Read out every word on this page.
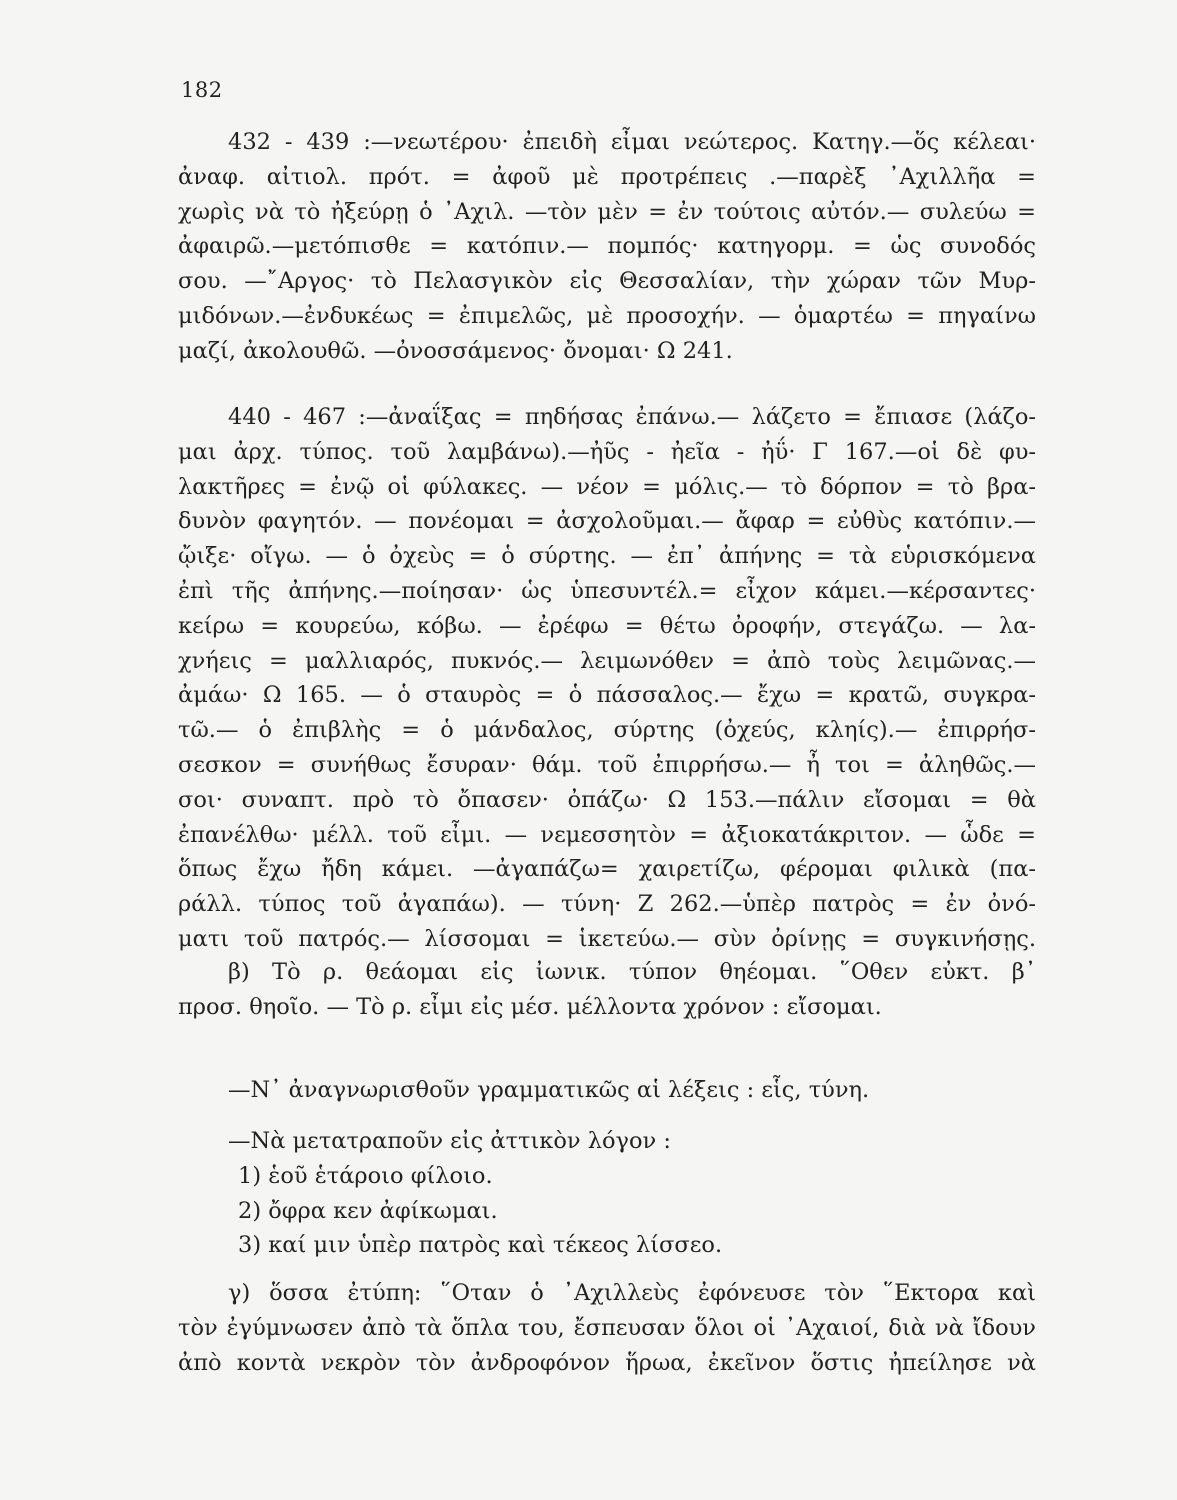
182
432 - 439 :—νεωτέρου· ἐπειδὴ εἶμαι νεώτερος. Κατηγ.—ὅς κέλεαι·
ἀναφ. αἰτιολ. πρότ. = ἀφοῦ μὲ προτρέπεις .—παρὲξ ᾿Αχιλλῆα =
χωρὶς νὰ τὸ ἠξεύρῃ ὁ ᾿Αχιλ. —τὸν μὲν = ἐν τούτοις αὐτόν.— συλεύω =
ἀφαιρῶ.—μετόπισθε = κατόπιν.— πομπός· κατηγορμ. = ὡς συνοδός
σου. —῎Αργος· τὸ Πελασγικὸν εἰς Θεσσαλίαν, τὴν χώραν τῶν Μυρ-
μιδόνων.—ἐνδυκέως = ἐπιμελῶς, μὲ προσοχήν. — ὁμαρτέω = πηγαίνω
μαζί, ἀκολουθῶ. —ὀνοσσάμενος· ὄνομαι· Ω 241.
440 - 467 :—ἀναΐξας = πηδήσας ἐπάνω.— λάζετο = ἔπιασε (λάζο-
μαι ἀρχ. τύπος. τοῦ λαμβάνω).—ἠῦς - ἠεῖα - ἠΰ· Γ 167.—οἱ δὲ φυ-
λακτῆρες = ἐνῷ οἱ φύλακες. — νέον = μόλις.— τὸ δόρπον = τὸ βρα-
δυνὸν φαγητόν. — πονέομαι = ἀσχολοῦμαι.— ἄφαρ = εὐθὺς κατόπιν.—
ᾤιξε· οἴγω. — ὁ ὀχεὺς = ὁ σύρτης. — ἐπ᾿ ἀπήνης = τὰ εὑρισκόμενα
ἐπὶ τῆς ἀπήνης.—ποίησαν· ὡς ὑπεσυντέλ.= εἶχον κάμει.—κέρσαντες·
κείρω = κουρεύω, κόβω. — ἐρέφω = θέτω ὀροφήν, στεγάζω. — λα-
χνήεις = μαλλιαρός, πυκνός.— λειμωνόθεν = ἀπὸ τοὺς λειμῶνας.—
ἀμάω· Ω 165. — ὁ σταυρὸς = ὁ πάσσαλος.— ἔχω = κρατῶ, συγκρα-
τῶ.— ὁ ἐπιβλὴς = ὁ μάνδαλος, σύρτης (ὀχεύς, κληίς).— ἐπιρρήσ-
σεσκον = συνήθως ἔσυραν· θάμ. τοῦ ἐπιρρήσω.— ἦ τοι = ἀληθῶς.—
σοι· συναπτ. πρὸ τὸ ὄπασεν· ὀπάζω· Ω 153.—πάλιν εἴσομαι = θὰ
ἐπανέλθω· μέλλ. τοῦ εἶμι. — νεμεσσητὸν = ἀξιοκατάκριτον. — ὧδε =
ὅπως ἔχω ἤδη κάμει. —ἀγαπάζω= χαιρετίζω, φέρομαι φιλικὰ (πα-
ράλλ. τύπος τοῦ ἀγαπάω). — τύνη· Ζ 262.—ὑπὲρ πατρὸς = ἐν ὀνό-
ματι τοῦ πατρός.— λίσσομαι = ἱκετεύω.— σὺν ὀρίνῃς = συγκινήσῃς.
β) Τὸ ρ. θεάομαι εἰς ἰωνικ. τύπον θηέομαι. ῞Οθεν εὐκτ. β᾿
προσ. θηοῖο. — Τὸ ρ. εἶμι εἰς μέσ. μέλλοντα χρόνον : εἴσομαι.
—Ν᾿ ἀναγνωρισθοῦν γραμματικῶς αἱ λέξεις : εἷς, τύνη.
—Νὰ μετατραποῦν εἰς ἀττικὸν λόγον :
1) ἑοῦ ἑτάροιο φίλοιο.
2) ὄφρα κεν ἀφίκωμαι.
3) καί μιν ὑπὲρ πατρὸς καὶ τέκεος λίσσεο.
γ) ὅσσα ἐτύπη: ῞Οταν ὁ ᾿Αχιλλεὺς ἐφόνευσε τὸν ῞Εκτορα καὶ
τὸν ἐγύμνωσεν ἀπὸ τὰ ὅπλα του, ἔσπευσαν ὅλοι οἱ ᾿Αχαιοί, διὰ νὰ ἴδουν
ἀπὸ κοντὰ νεκρὸν τὸν ἀνδροφόνον ἥρωα, ἐκεῖνον ὅστις ἠπείλησε νὰ
